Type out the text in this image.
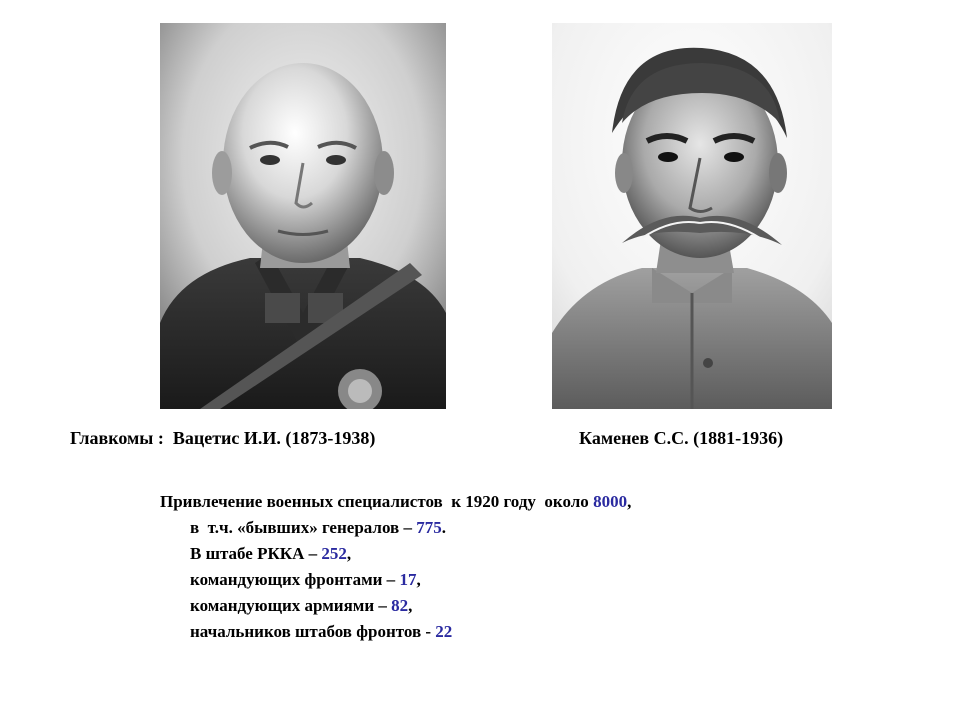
Главкомы :  Вацетис И.И. (1873-1938)	Каменев С.С. (1881-1936)
Привлечение военных специалистов  к 1920 году  около 8000,
в  т.ч. «бывших» генералов – 775.
В штабе РККА – 252,
командующих фронтами – 17,
командующих армиями – 82,
начальников штабов фронтов - 22
